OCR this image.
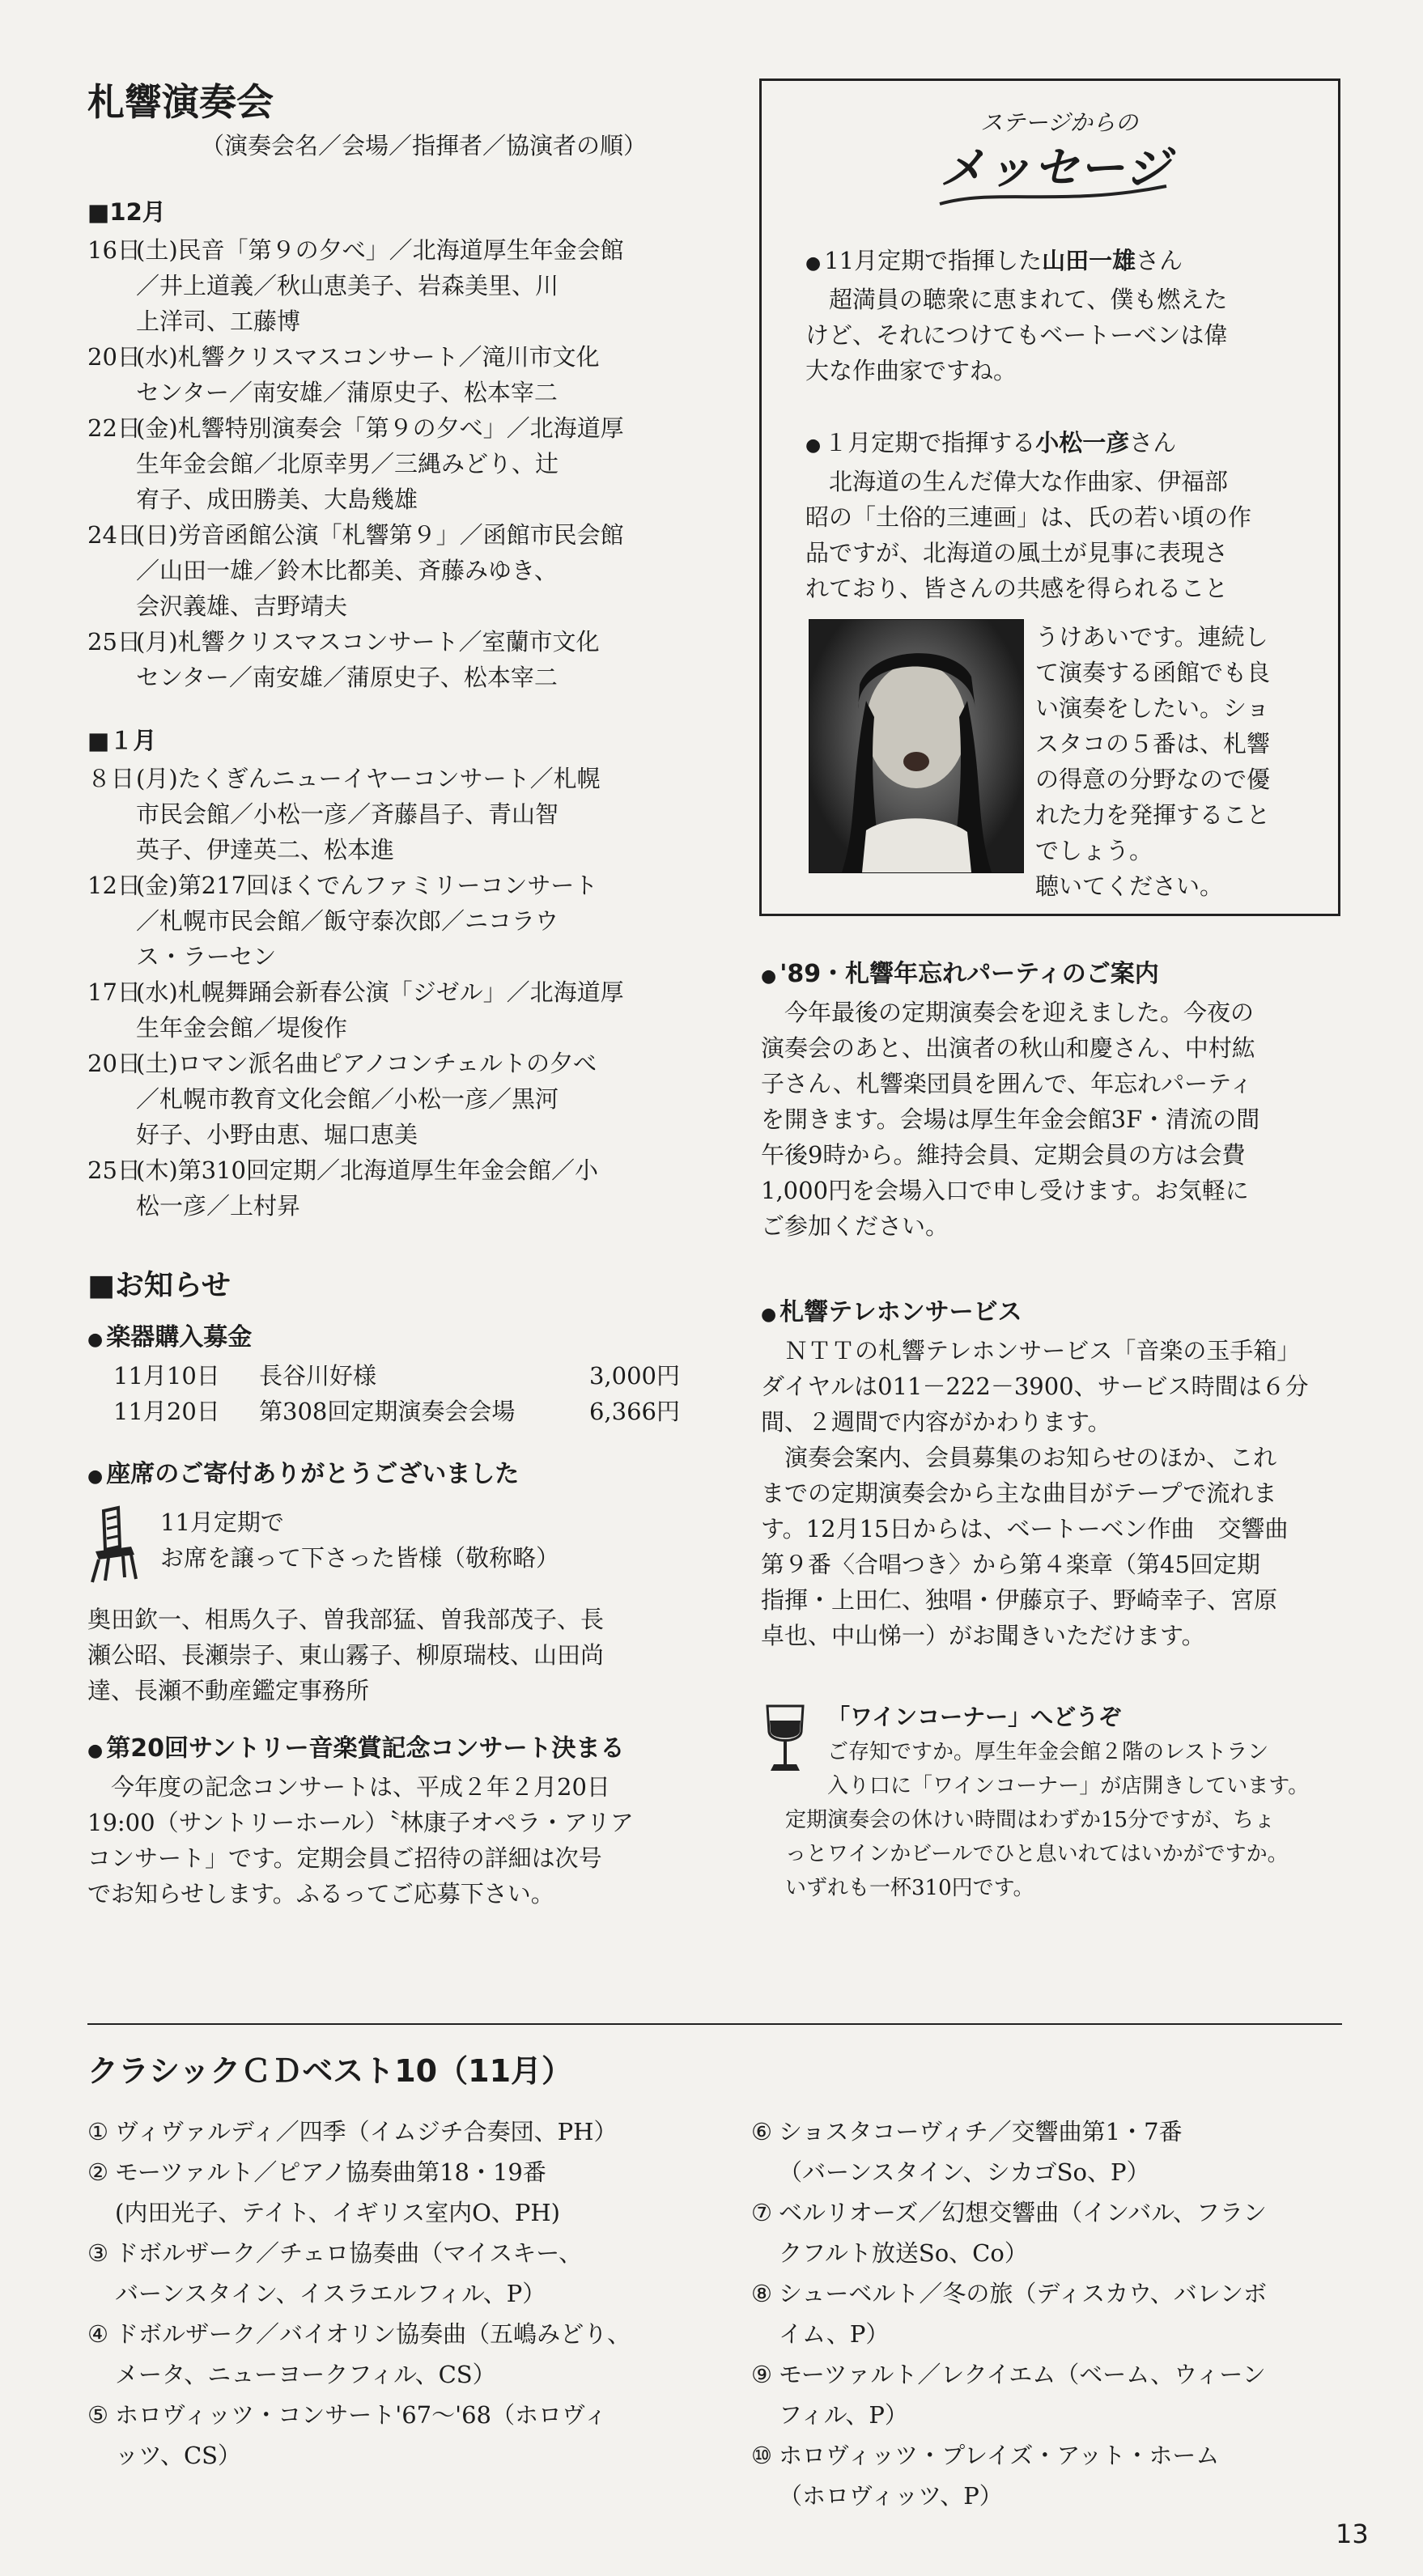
札響演奏会

（演奏会名／会場／指揮者／協演者の順）

■12月

16日
(土)民音「第９の夕べ」／北海道厚生年金会館

／井上道義／秋山恵美子、岩森美里、川

上洋司、工藤博

20日
(水)札響クリスマスコンサート／滝川市文化

センター／南安雄／蒲原史子、松本宰二

22日
(金)札響特別演奏会「第９の夕べ」／北海道厚

生年金会館／北原幸男／三縄みどり、辻

宥子、成田勝美、大島幾雄

24日
(日)労音函館公演「札響第９」／函館市民会館

／山田一雄／鈴木比都美、斉藤みゆき、

会沢義雄、吉野靖夫

25日
(月)札響クリスマスコンサート／室蘭市文化

センター／南安雄／蒲原史子、松本宰二

■１月

８日 (月)たくぎんニューイヤーコンサート／札幌

市民会館／小松一彦／斉藤昌子、青山智

英子、伊達英二、松本進

12日
(金)第217回ほくでんファミリーコンサート

／札幌市民会館／飯守泰次郎／ニコラウ

ス・ラーセン

17日
(水)札幌舞踊会新春公演「ジゼル」／北海道厚

生年金会館／堤俊作

20日
(土)ロマン派名曲ピアノコンチェルトの夕べ

／札幌市教育文化会館／小松一彦／黒河

好子、小野由恵、堀口恵美

25日
(木)第310回定期／北海道厚生年金会館／小

松一彦／上村昇

■お知らせ

● 楽器購入募金

11月10日	長谷川好様	3,000円

11月20日	第308回定期演奏会会場	6,366円

● 座席のご寄付ありがとうございました

11月定期で

お席を譲って下さった皆様（敬称略）

奥田欽一、相馬久子、曽我部猛、曽我部茂子、長

瀬公昭、長瀬崇子、東山霧子、柳原瑞枝、山田尚

達、長瀬不動産鑑定事務所

● 第20回サントリー音楽賞記念コンサート決まる

今年度の記念コンサートは、平成２年２月20日

19:00（サントリーホール）〝林康子オペラ・アリア

コンサート」です。定期会員ご招待の詳細は次号

でお知らせします。ふるってご応募下さい。

ステージからの
メッセージ

● 11月定期で指揮した山田一雄さん

超満員の聴衆に恵まれて、僕も燃えた

けど、それにつけてもベートーベンは偉

大な作曲家ですね。

● １月定期で指揮する小松一彦さん

北海道の生んだ偉大な作曲家、伊福部

昭の「土俗的三連画」は、氏の若い頃の作

品ですが、北海道の風土が見事に表現さ

れており、皆さんの共感を得られること

うけあいです。連続し

て演奏する函館でも良

い演奏をしたい。ショ

スタコの５番は、札響

の得意の分野なので優

れた力を発揮すること

でしょう。

聴いてください。

● '89・札響年忘れパーティのご案内

今年最後の定期演奏会を迎えました。今夜の

演奏会のあと、出演者の秋山和慶さん、中村紘

子さん、札響楽団員を囲んで、年忘れパーティ

を開きます。会場は厚生年金会館3F・清流の間

午後9時から。維持会員、定期会員の方は会費

1,000円を会場入口で申し受けます。お気軽に

ご参加ください。

● 札響テレホンサービス

ＮＴＴの札響テレホンサービス「音楽の玉手箱」

ダイヤルは011－222－3900、サービス時間は６分

間、２週間で内容がかわります。

演奏会案内、会員募集のお知らせのほか、これ

までの定期演奏会から主な曲目がテープで流れま

す。12月15日からは、ベートーベン作曲　交響曲

第９番〈合唱つき〉から第４楽章（第45回定期

指揮・上田仁、独唱・伊藤京子、野崎幸子、宮原

卓也、中山悌一）がお聞きいただけます。

「ワインコーナー」へどうぞ

ご存知ですか。厚生年金会館２階のレストラン

入り口に「ワインコーナー」が店開きしています。

定期演奏会の休けい時間はわずか15分ですが、ちょ

っとワインかビールでひと息いれてはいかがですか。

いずれも一杯310円です。

クラシックＣＤベスト10（11月）

① ヴィヴァルディ／四季（イムジチ合奏団、PH）

② モーツァルト／ピアノ協奏曲第18・19番

(内田光子、テイト、イギリス室内O、PH)

③ ドボルザーク／チェロ協奏曲（マイスキー、

バーンスタイン、イスラエルフィル、P）

④ ドボルザーク／バイオリン協奏曲（五嶋みどり、

メータ、ニューヨークフィル、CS）

⑤ ホロヴィッツ・コンサート'67～'68（ホロヴィ

ッツ、CS）

⑥ ショスタコーヴィチ／交響曲第1・7番

（バーンスタイン、シカゴSo、P）

⑦ ベルリオーズ／幻想交響曲（インバル、フラン

クフルト放送So、Co）

⑧ シューベルト／冬の旅（ディスカウ、バレンボ

イム、P）

⑨ モーツァルト／レクイエム（ベーム、ウィーン

フィル、P）

⑩ ホロヴィッツ・プレイズ・アット・ホーム

（ホロヴィッツ、P）

13
